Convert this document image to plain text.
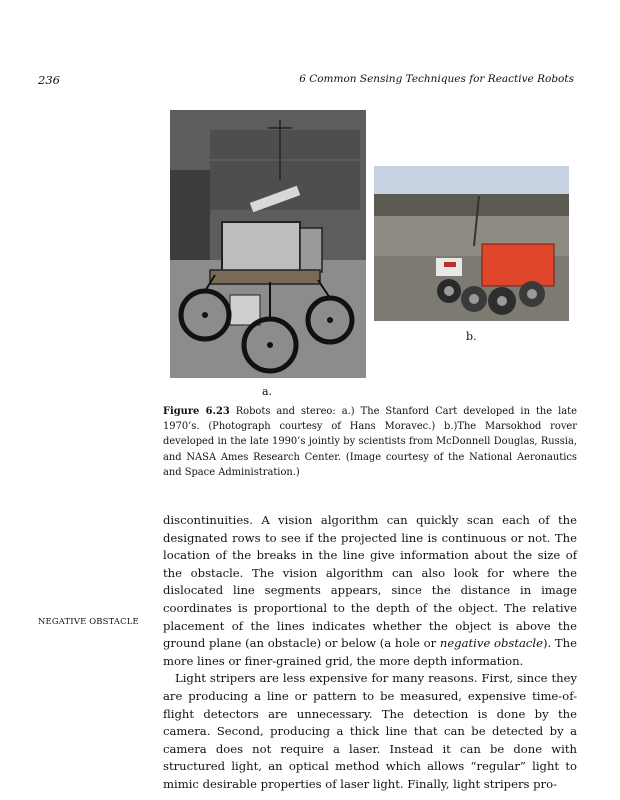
236	6 Common Sensing Techniques for Reactive Robots
a.
b.
Figure 6.23 Robots and stereo: a.) The Stanford Cart developed in the late 1970’s. (Photograph courtesy of Hans Moravec.) b.)The Marsokhod rover developed in the late 1990’s jointly by scientists from McDonnell Douglas, Russia, and NASA Ames Research Center. (Image courtesy of the National Aeronautics and Space Administration.)
NEGATIVE OBSTACLE

discontinuities. A vision algorithm can quickly scan each of the designated rows to see if the projected line is continuous or not. The location of the breaks in the line give information about the size of the obstacle. The vision algorithm can also look for where the dislocated line segments appears, since the distance in image coordinates is proportional to the depth of the object. The relative placement of the lines indicates whether the object is above the ground plane (an obstacle) or below (a hole or negative obstacle). The more lines or finer-grained grid, the more depth information.

Light stripers are less expensive for many reasons. First, since they are producing a line or pattern to be measured, expensive time-of-flight detectors are unnecessary. The detection is done by the camera. Second, producing a thick line that can be detected by a camera does not require a laser. Instead it can be done with structured light, an optical method which allows “regular” light to mimic desirable properties of laser light. Finally, light stripers pro-
